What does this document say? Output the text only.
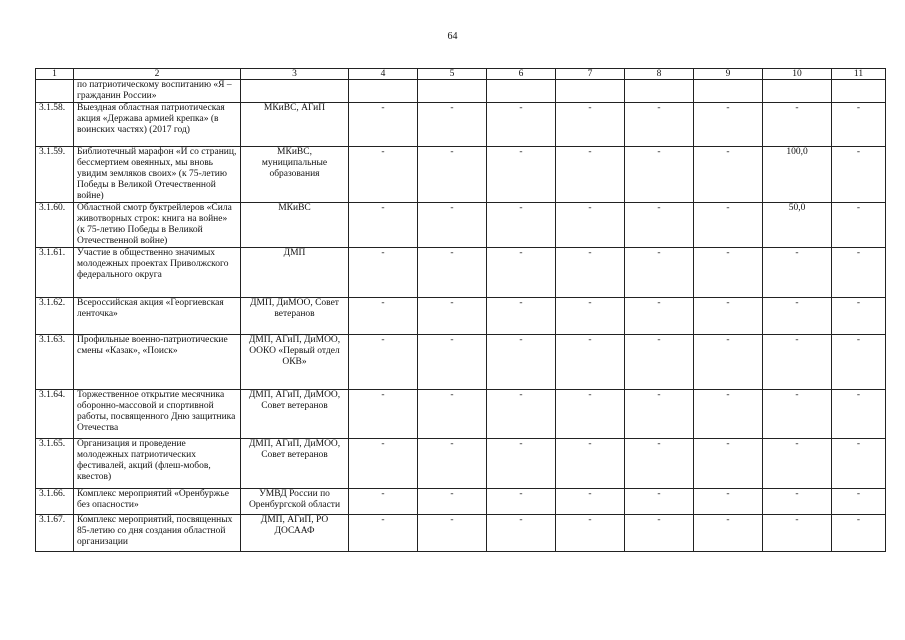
64
1	2	3	4	5	6	7	8	9	10	11
	по патриотическому воспитанию «Я – гражданин России»									
3.1.58.	Выездная областная патриотическая акция «Держава армией крепка» (в воинских частях) (2017 год)	МКиВС, АГиП	-	-	-	-	-	-	-	-
3.1.59.	Библиотечный марафон «И со страниц, бессмертием овеянных, мы вновь увидим земляков своих» (к 75-летию Победы в Великой Отечественной войне)	МКиВС, муниципальные образования	-	-	-	-	-	-	100,0	-
3.1.60.	Областной смотр буктрейлеров «Сила животворных строк: книга на войне» (к 75-летию Победы в Великой Отечественной войне)	МКиВС	-	-	-	-	-	-	50,0	-
3.1.61.	Участие в общественно значимых молодежных проектах Приволжского федерального округа	ДМП	-	-	-	-	-	-	-	-
3.1.62.	Всероссийская акция «Георгиевская ленточка»	ДМП, ДиМОО, Совет ветеранов	-	-	-	-	-	-	-	-
3.1.63.	Профильные военно-патриотические смены «Казак», «Поиск»	ДМП, АГиП, ДиМОО, ООКО «Первый отдел ОКВ»	-	-	-	-	-	-	-	-
3.1.64.	Торжественное открытие месячника оборонно-массовой и спортивной работы, посвященного Дню защитника Отечества	ДМП, АГиП, ДиМОО, Совет ветеранов	-	-	-	-	-	-	-	-
3.1.65.	Организация и проведение молодежных патриотических фестивалей, акций (флеш-мобов, квестов)	ДМП, АГиП, ДиМОО, Совет ветеранов	-	-	-	-	-	-	-	-
3.1.66.	Комплекс мероприятий «Оренбуржье без опасности»	УМВД России по Оренбургской области	-	-	-	-	-	-	-	-
3.1.67.	Комплекс мероприятий, посвященных 85-летию со дня создания областной организации	ДМП, АГиП, РО ДОСААФ	-	-	-	-	-	-	-	-
